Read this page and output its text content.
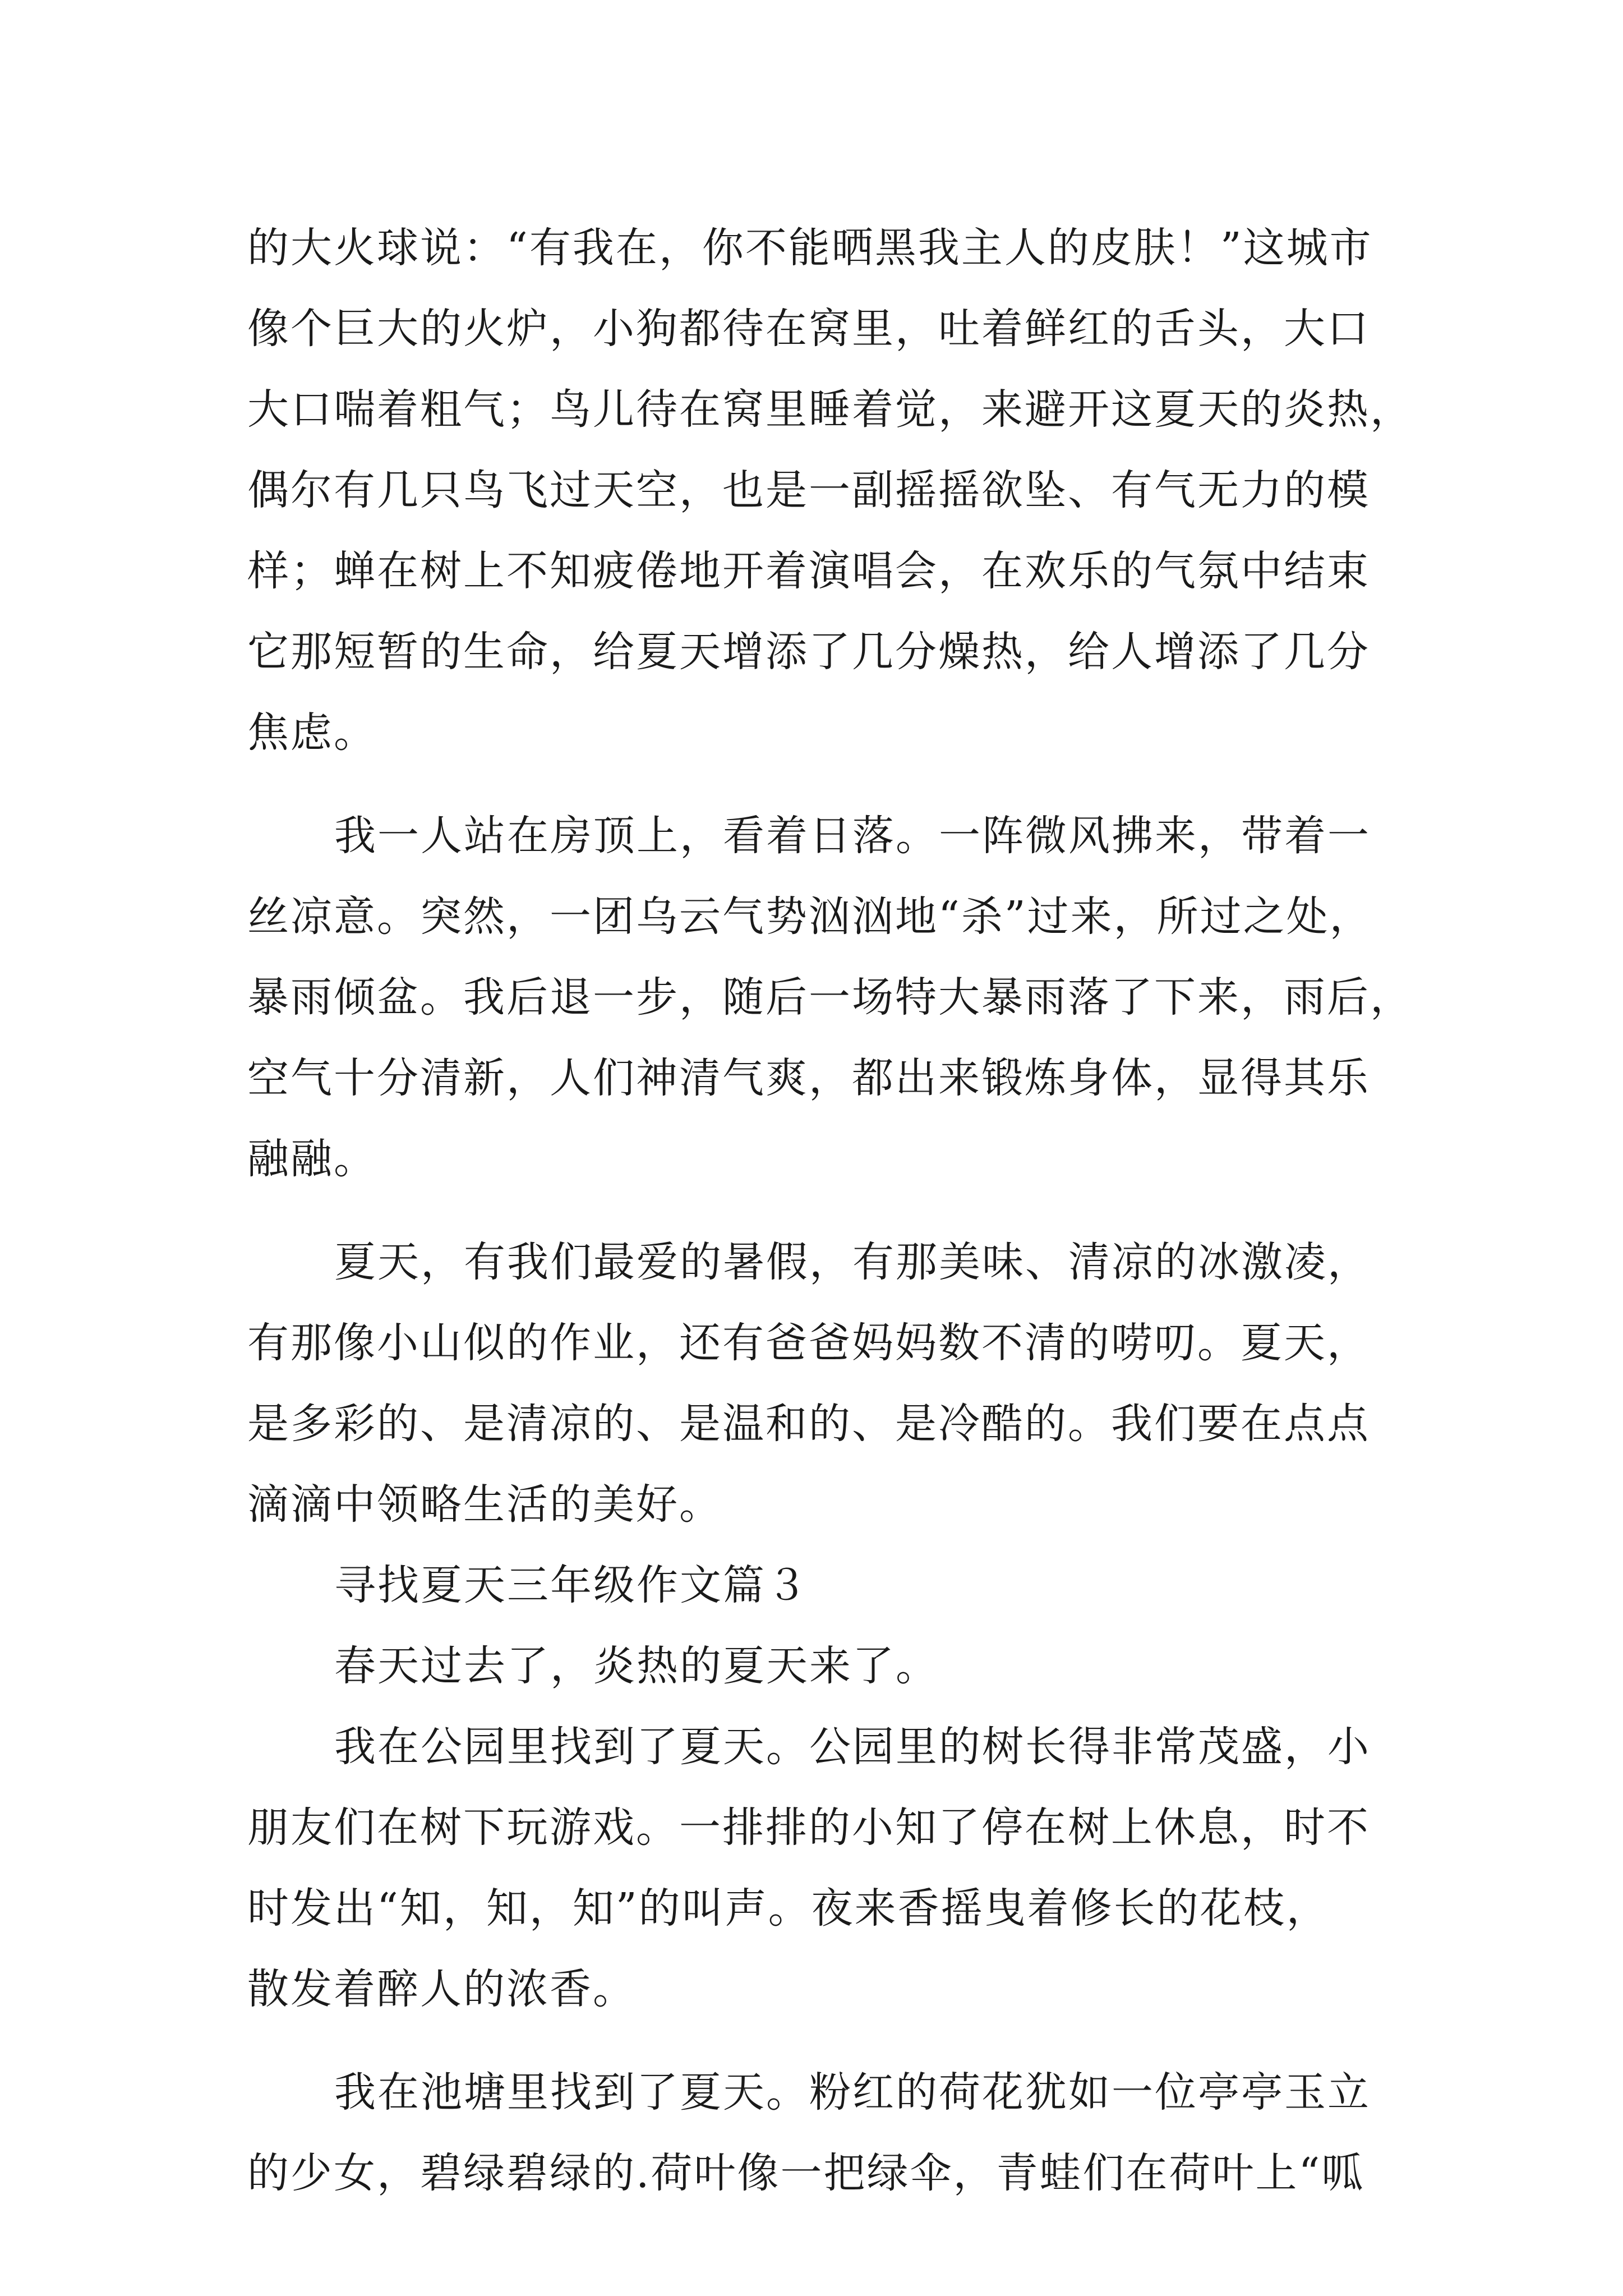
的大火球说：“有我在，你不能晒黑我主人的皮肤！”这城市
像个巨大的火炉，小狗都待在窝里，吐着鲜红的舌头，大口
大口喘着粗气；鸟儿待在窝里睡着觉，来避开这夏天的炎热，
偶尔有几只鸟飞过天空，也是一副摇摇欲坠、有气无力的模
样；蝉在树上不知疲倦地开着演唱会，在欢乐的气氛中结束
它那短暂的生命，给夏天增添了几分燥热，给人增添了几分
焦虑。
我一人站在房顶上，看着日落。一阵微风拂来，带着一
丝凉意。突然，一团乌云气势汹汹地“杀”过来，所过之处，
暴雨倾盆。我后退一步，随后一场特大暴雨落了下来，雨后，
空气十分清新，人们神清气爽，都出来锻炼身体，显得其乐
融融。
夏天，有我们最爱的暑假，有那美味、清凉的冰激凌，
有那像小山似的作业，还有爸爸妈妈数不清的唠叨。夏天，
是多彩的、是清凉的、是温和的、是冷酷的。我们要在点点
滴滴中领略生活的美好。
寻找夏天三年级作文篇３
春天过去了，炎热的夏天来了。
我在公园里找到了夏天。公园里的树长得非常茂盛，小
朋友们在树下玩游戏。一排排的小知了停在树上休息，时不
时发出“知，知，知”的叫声。夜来香摇曳着修长的花枝，
散发着醉人的浓香。
我在池塘里找到了夏天。粉红的荷花犹如一位亭亭玉立
的少女，碧绿碧绿的.荷叶像一把绿伞，青蛙们在荷叶上“呱
